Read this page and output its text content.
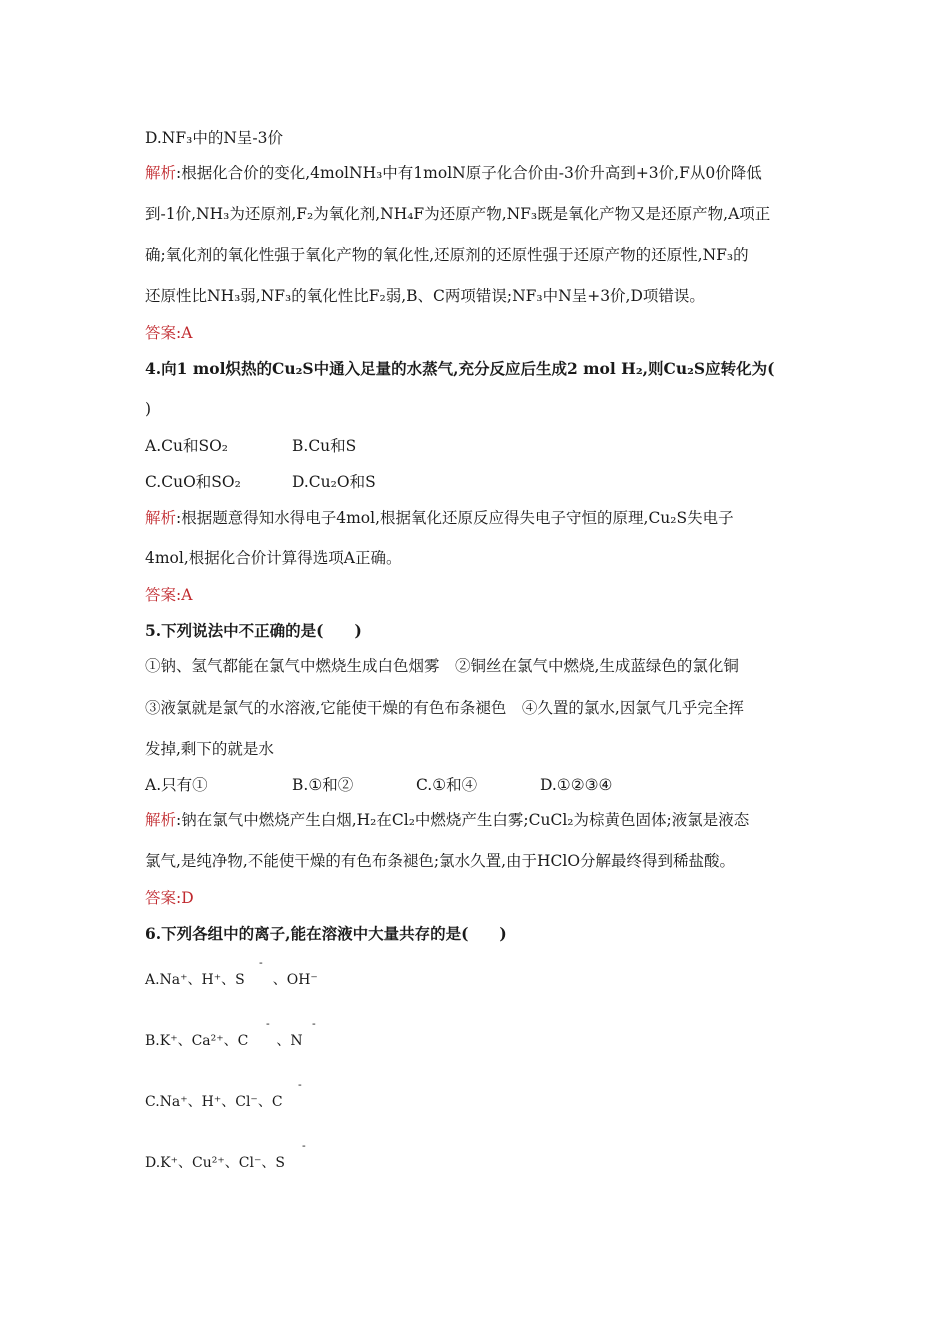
D.NF₃中的N呈-3价
解析:根据化合价的变化,4molNH₃中有1molN原子化合价由-3价升高到+3价,F从0价降低
到-1价,NH₃为还原剂,F₂为氧化剂,NH₄F为还原产物,NF₃既是氧化产物又是还原产物,A项正
确;氧化剂的氧化性强于氧化产物的氧化性,还原剂的还原性强于还原产物的还原性,NF₃的
还原性比NH₃弱,NF₃的氧化性比F₂弱,B、C两项错误;NF₃中N呈+3价,D项错误。
答案:A
4.向1 mol炽热的Cu₂S中通入足量的水蒸气,充分反应后生成2 mol H₂,则Cu₂S应转化为(
)
A.Cu和SO₂	B.Cu和S
C.CuO和SO₂	D.Cu₂O和S
解析:根据题意得知水得电子4mol,根据氧化还原反应得失电子守恒的原理,Cu₂S失电子
4mol,根据化合价计算得选项A正确。
答案:A
5.下列说法中不正确的是(　　)
①钠、氢气都能在氯气中燃烧生成白色烟雾　②铜丝在氯气中燃烧,生成蓝绿色的氯化铜
③液氯就是氯气的水溶液,它能使干燥的有色布条褪色　④久置的氯水,因氯气几乎完全挥
发掉,剩下的就是水
A.只有①	B.①和②	C.①和④	D.①②③④
解析:钠在氯气中燃烧产生白烟,H₂在Cl₂中燃烧产生白雾;CuCl₂为棕黄色固体;液氯是液态
氯气,是纯净物,不能使干燥的有色布条褪色;氯水久置,由于HClO分解最终得到稀盐酸。
答案:D
6.下列各组中的离子,能在溶液中大量共存的是(　　)
A.Na⁺、H⁺、S　　、OH⁻
-
B.K⁺、Ca²⁺、C　　、N
-	-
C.Na⁺、H⁺、Cl⁻、C
-
D.K⁺、Cu²⁺、Cl⁻、S
-
